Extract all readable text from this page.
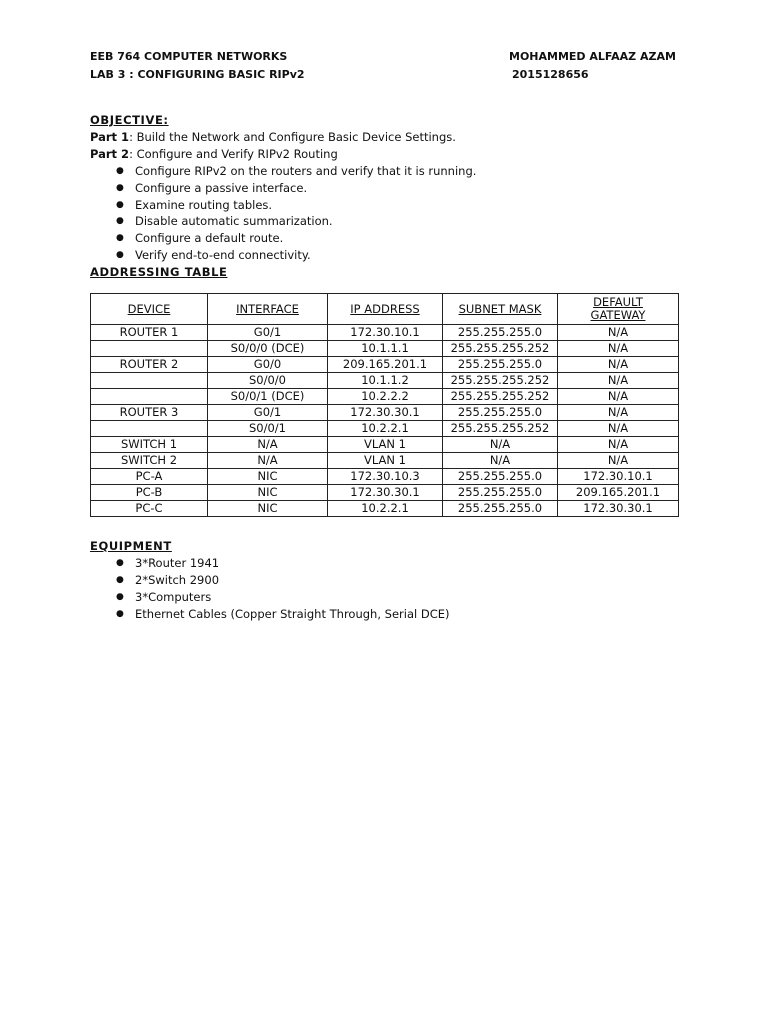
EEB 764 COMPUTER NETWORKS
LAB 3 : CONFIGURING BASIC RIPv2
MOHAMMED ALFAAZ AZAM
2015128656
OBJECTIVE:
Part 1: Build the Network and Configure Basic Device Settings.
Part 2: Configure and Verify RIPv2 Routing
● Configure RIPv2 on the routers and verify that it is running.
● Configure a passive interface.
● Examine routing tables.
● Disable automatic summarization.
● Configure a default route.
● Verify end-to-end connectivity.
ADDRESSING TABLE
DEVICE	INTERFACE	IP ADDRESS	SUBNET MASK	DEFAULT
GATEWAY
ROUTER 1	G0/1	172.30.10.1	255.255.255.0	N/A
	S0/0/0 (DCE)	10.1.1.1	255.255.255.252	N/A
ROUTER 2	G0/0	209.165.201.1	255.255.255.0	N/A
	S0/0/0	10.1.1.2	255.255.255.252	N/A
	S0/0/1 (DCE)	10.2.2.2	255.255.255.252	N/A
ROUTER 3	G0/1	172.30.30.1	255.255.255.0	N/A
	S0/0/1	10.2.2.1	255.255.255.252	N/A
SWITCH 1	N/A	VLAN 1	N/A	N/A
SWITCH 2	N/A	VLAN 1	N/A	N/A
PC-A	NIC	172.30.10.3	255.255.255.0	172.30.10.1
PC-B	NIC	172.30.30.1	255.255.255.0	209.165.201.1
PC-C	NIC	10.2.2.1	255.255.255.0	172.30.30.1
EQUIPMENT
● 3*Router 1941
● 2*Switch 2900
● 3*Computers
● Ethernet Cables (Copper Straight Through, Serial DCE)
